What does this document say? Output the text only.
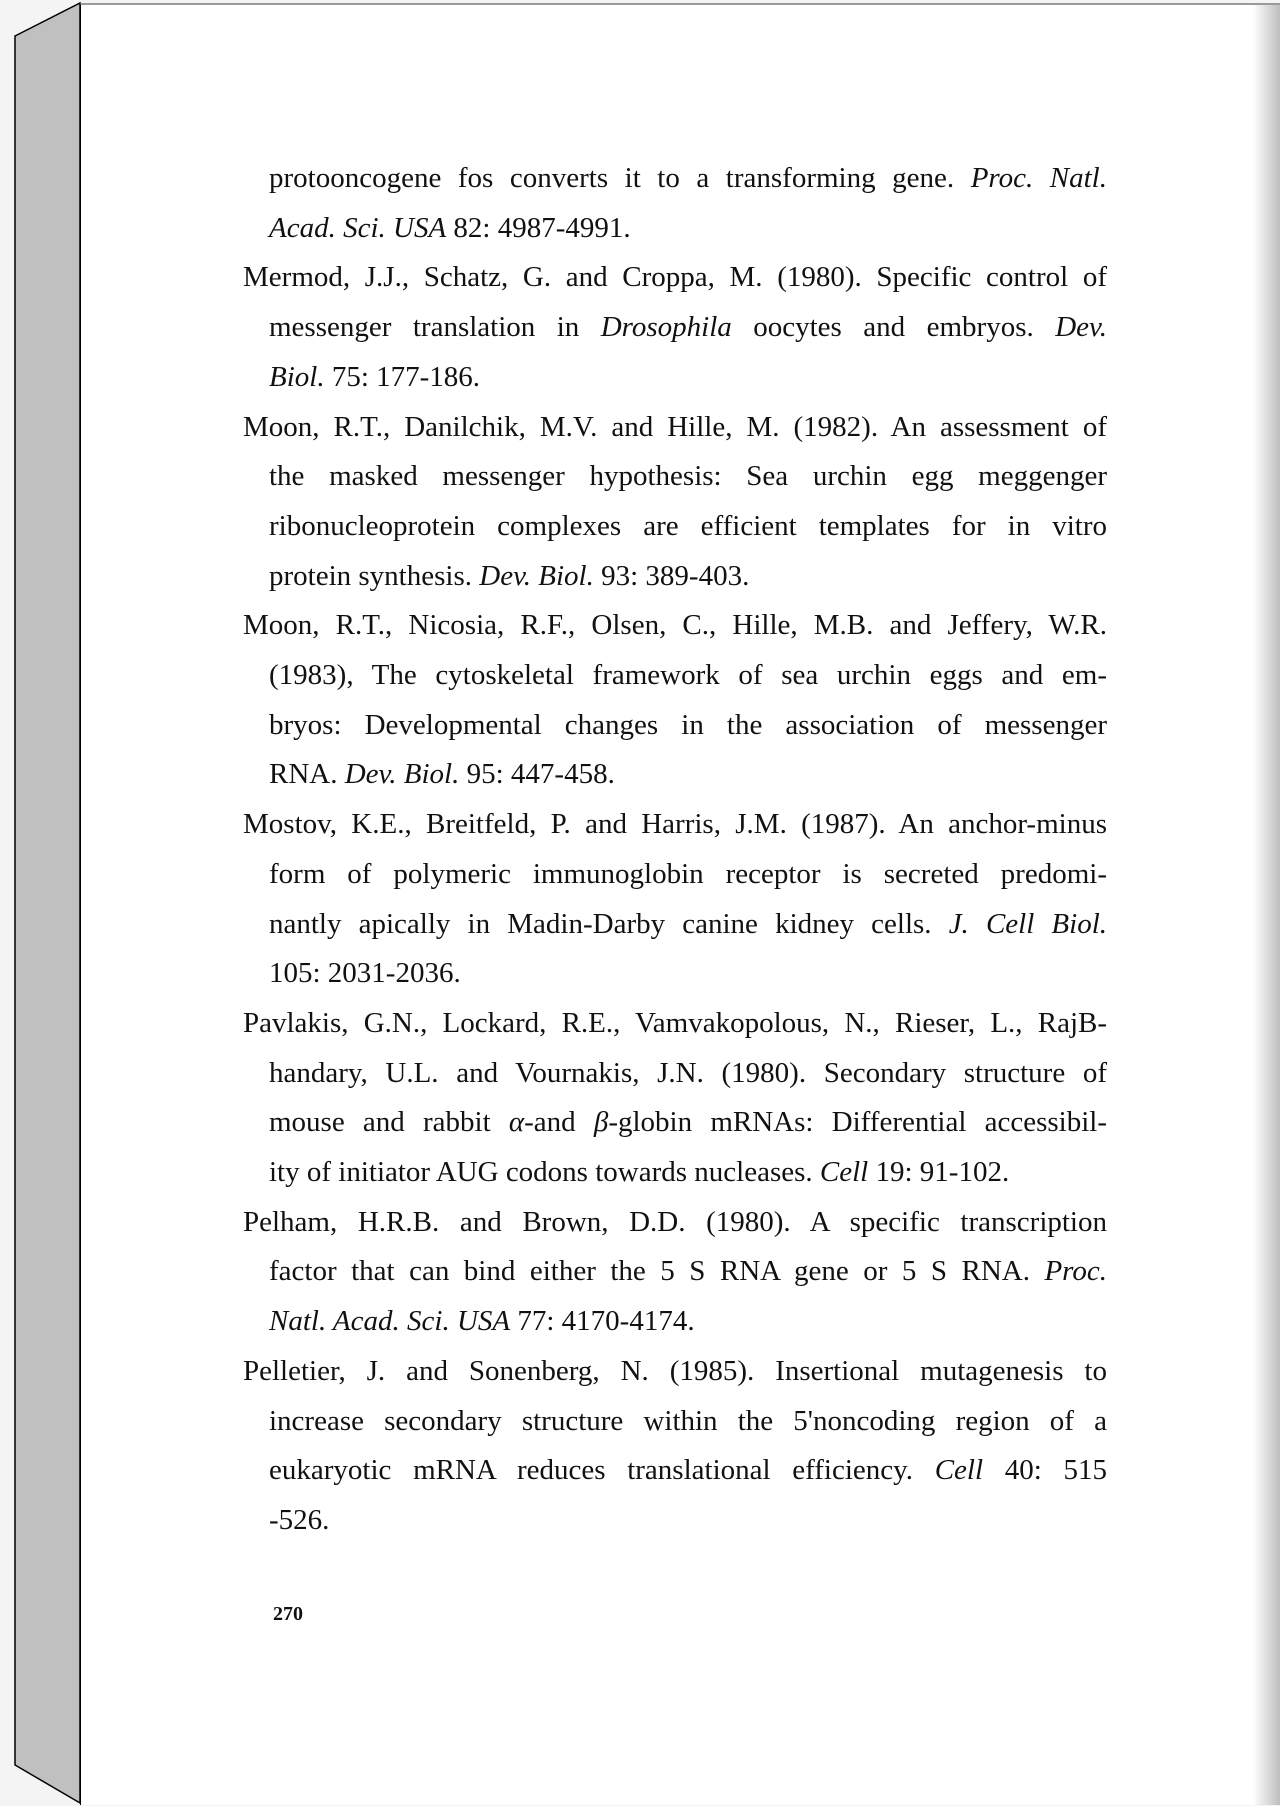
protooncogene fos converts it to a transforming gene. Proc. Natl.
Acad. Sci. USA 82: 4987-4991.
Mermod, J.J., Schatz, G. and Croppa, M. (1980). Specific control of
messenger translation in Drosophila oocytes and embryos. Dev.
Biol. 75: 177-186.
Moon, R.T., Danilchik, M.V. and Hille, M. (1982). An assessment of
the masked messenger hypothesis: Sea urchin egg meggenger
ribonucleoprotein complexes are efficient templates for in vitro
protein synthesis. Dev. Biol. 93: 389-403.
Moon, R.T., Nicosia, R.F., Olsen, C., Hille, M.B. and Jeffery, W.R.
(1983), The cytoskeletal framework of sea urchin eggs and em-
bryos: Developmental changes in the association of messenger
RNA. Dev. Biol. 95: 447-458.
Mostov, K.E., Breitfeld, P. and Harris, J.M. (1987). An anchor-minus
form of polymeric immunoglobin receptor is secreted predomi-
nantly apically in Madin-Darby canine kidney cells. J. Cell Biol.
105: 2031-2036.
Pavlakis, G.N., Lockard, R.E., Vamvakopolous, N., Rieser, L., RajB-
handary, U.L. and Vournakis, J.N. (1980). Secondary structure of
mouse and rabbit α-and β-globin mRNAs: Differential accessibil-
ity of initiator AUG codons towards nucleases. Cell 19: 91-102.
Pelham, H.R.B. and Brown, D.D. (1980). A specific transcription
factor that can bind either the 5 S RNA gene or 5 S RNA. Proc.
Natl. Acad. Sci. USA 77: 4170-4174.
Pelletier, J. and Sonenberg, N. (1985). Insertional mutagenesis to
increase secondary structure within the 5'noncoding region of a
eukaryotic mRNA reduces translational efficiency. Cell 40: 515
-526.
270
